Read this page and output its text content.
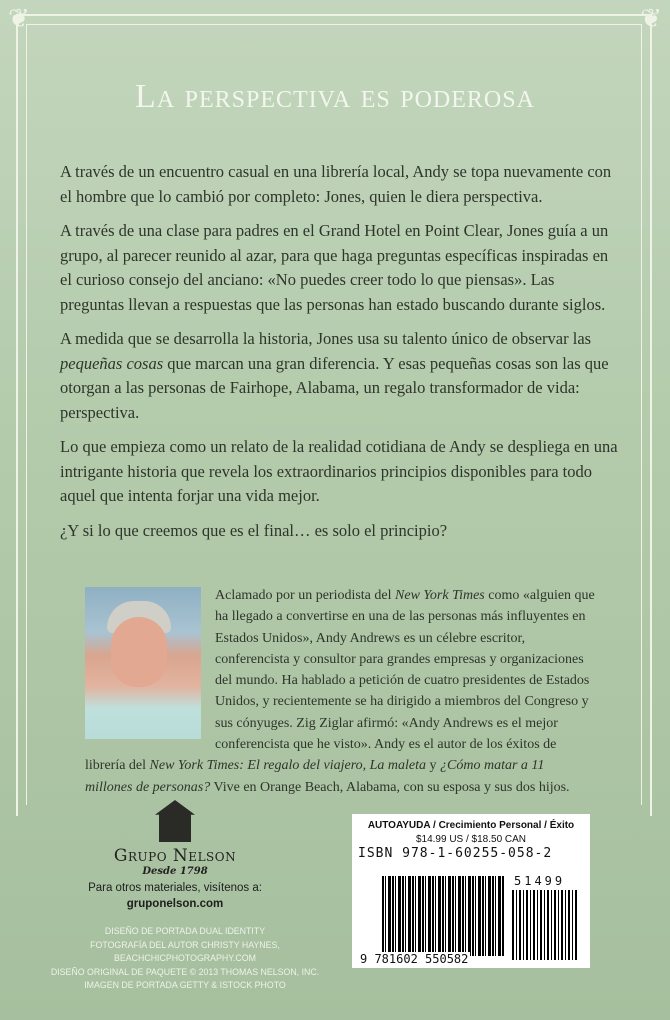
❦	❦
La perspectiva es poderosa

A través de un encuentro casual en una librería local, Andy se topa nuevamente con el hombre que lo cambió por completo: Jones, quien le diera perspectiva.

A través de una clase para padres en el Grand Hotel en Point Clear, Jones guía a un grupo, al parecer reunido al azar, para que haga preguntas específicas inspiradas en el curioso consejo del anciano: «No puedes creer todo lo que piensas». Las preguntas llevan a respuestas que las personas han estado buscando durante siglos.

A medida que se desarrolla la historia, Jones usa su talento único de observar las pequeñas cosas que marcan una gran diferencia. Y esas pequeñas cosas son las que otorgan a las personas de Fairhope, Alabama, un regalo transformador de vida: perspectiva.

Lo que empieza como un relato de la realidad cotidiana de Andy se despliega en una intrigante historia que revela los extraordinarios principios disponibles para todo aquel que intenta forjar una vida mejor.

¿Y si lo que creemos que es el final… es solo el principio?

Aclamado por un periodista del New York Times como «alguien que ha llegado a convertirse en una de las personas más influyentes en Estados Unidos», Andy Andrews es un célebre escritor, conferencista y consultor para grandes empresas y organizaciones del mundo. Ha hablado a petición de cuatro presidentes de Estados Unidos, y recientemente se ha dirigido a miembros del Congreso y sus cónyuges. Zig Ziglar afirmó: «Andy Andrews es el mejor conferencista que he visto». Andy es el autor de los éxitos de librería del New York Times: El regalo del viajero, La maleta y ¿Cómo matar a 11 millones de personas? Vive en Orange Beach, Alabama, con su esposa y sus dos hijos.
Grupo Nelson
Desde 1798
Para otros materiales, visítenos a:
gruponelson.com
DISEÑO DE PORTADA DUAL IDENTITY
FOTOGRAFÍA DEL AUTOR CHRISTY HAYNES, BEACHCHICPHOTOGRAPHY.COM
DISEÑO ORIGINAL DE PAQUETE © 2013 THOMAS NELSON, INC.
IMAGEN DE PORTADA GETTY & ISTOCK PHOTO
AUTOAYUDA / Crecimiento Personal / Éxito
$14.99 US / $18.50 CAN
ISBN 978-1-60255-058-2
51499
9 781602 550582
